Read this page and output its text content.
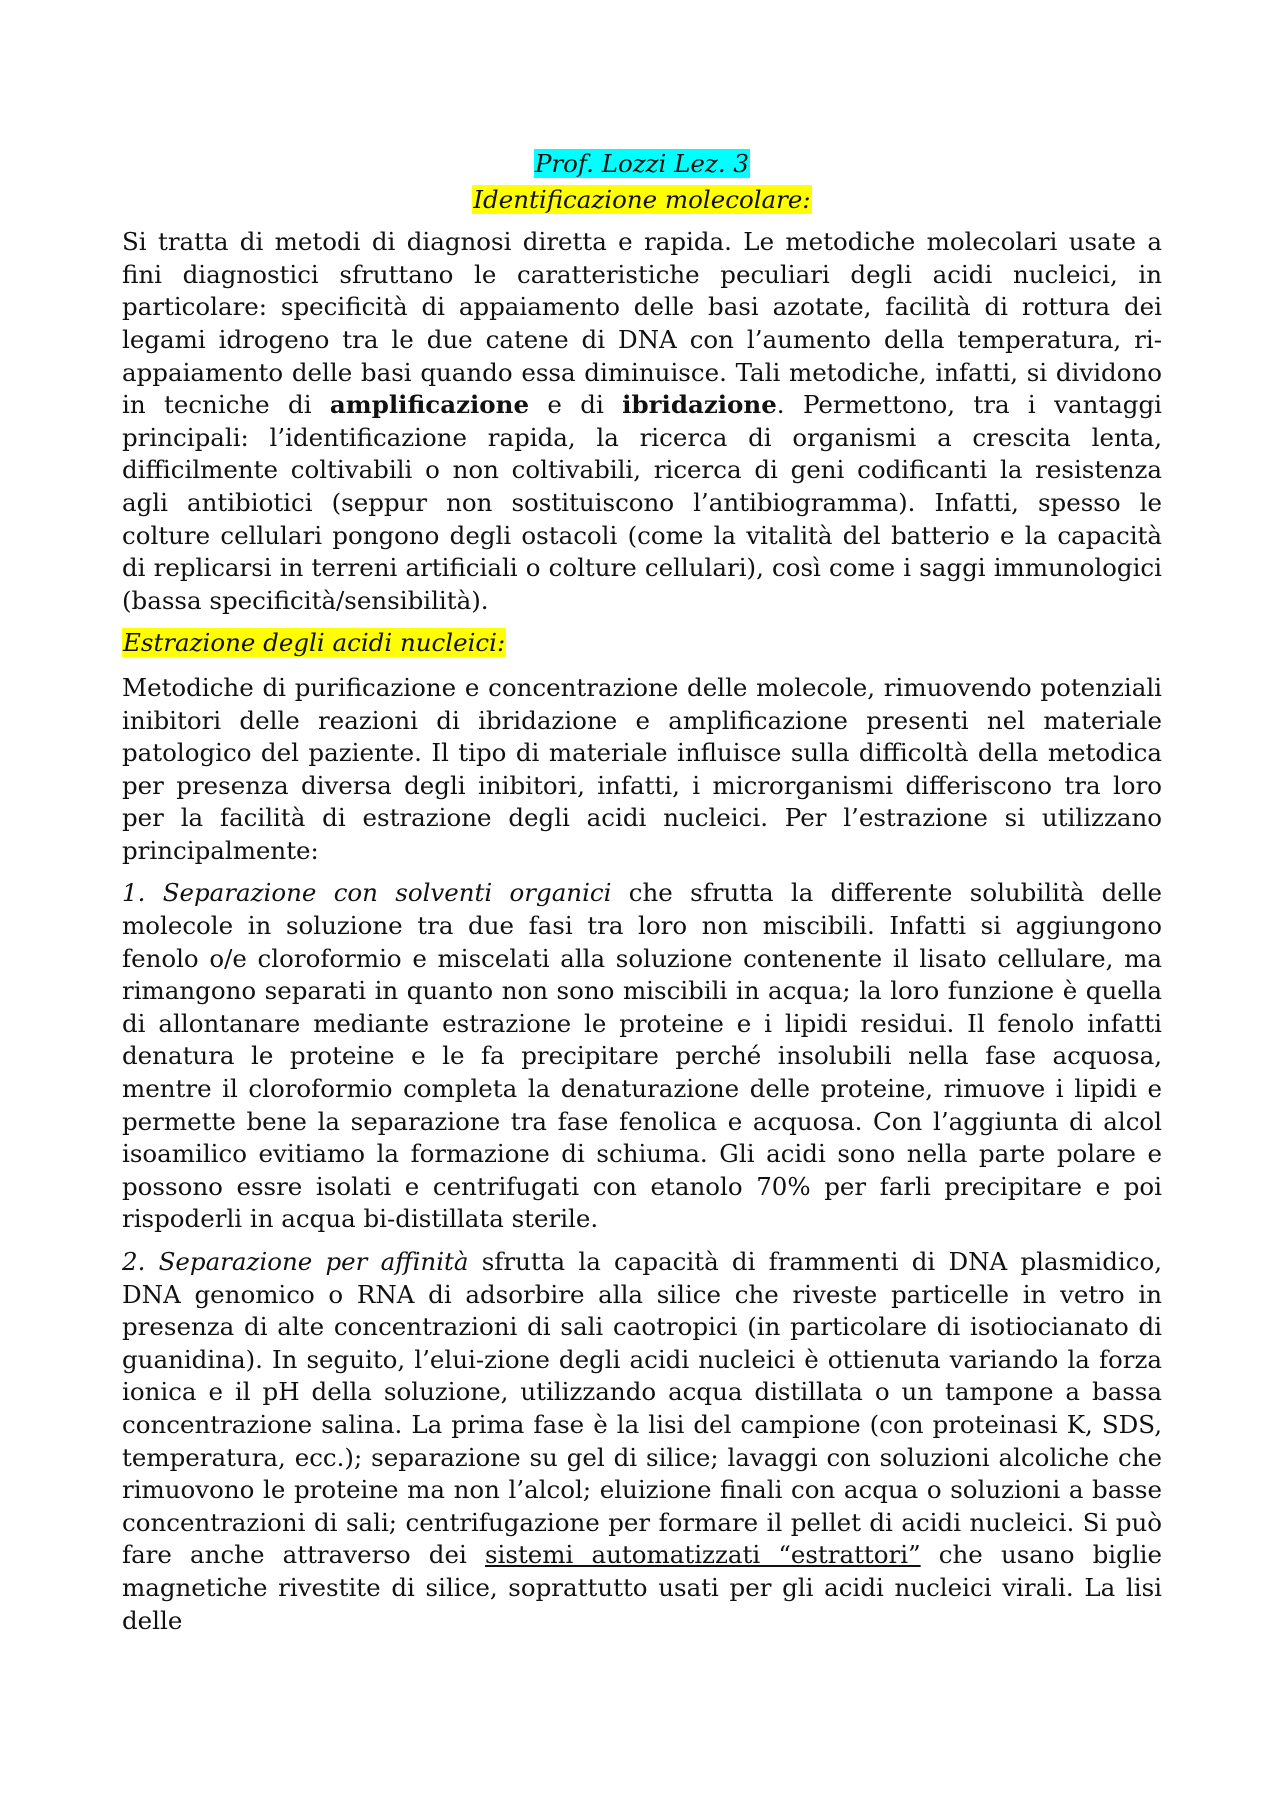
Prof. Lozzi Lez. 3

Identificazione molecolare:

Si tratta di metodi di diagnosi diretta e rapida. Le metodiche molecolari usate a fini diagnostici sfruttano le caratteristiche peculiari degli acidi nucleici, in particolare: specificità di appaiamento delle basi azotate, facilità di rottura dei legami idrogeno tra le due catene di DNA con l’aumento della temperatura, ri-appaiamento delle basi quando essa diminuisce. Tali metodiche, infatti, si dividono in tecniche di amplificazione e di ibridazione. Permettono, tra i vantaggi principali: l’identificazione rapida, la ricerca di organismi a crescita lenta, difficilmente coltivabili o non coltivabili, ricerca di geni codificanti la resistenza agli antibiotici (seppur non sostituiscono l’antibiogramma). Infatti, spesso le colture cellulari pongono degli ostacoli (come la vitalità del batterio e la capacità di replicarsi in terreni artificiali o colture cellulari), così come i saggi immunologici (bassa specificità/sensibilità).

Estrazione degli acidi nucleici:

Metodiche di purificazione e concentrazione delle molecole, rimuovendo potenziali inibitori delle reazioni di ibridazione e amplificazione presenti nel materiale patologico del paziente. Il tipo di materiale influisce sulla difficoltà della metodica per presenza diversa degli inibitori, infatti, i microrganismi differiscono tra loro per la facilità di estrazione degli acidi nucleici. Per l’estrazione si utilizzano principalmente:

1. Separazione con solventi organici che sfrutta la differente solubilità delle molecole in soluzione tra due fasi tra loro non miscibili. Infatti si aggiungono fenolo o/e cloroformio e miscelati alla soluzione contenente il lisato cellulare, ma rimangono separati in quanto non sono miscibili in acqua; la loro funzione è quella di allontanare mediante estrazione le proteine e i lipidi residui. Il fenolo infatti denatura le proteine e le fa precipitare perché insolubili nella fase acquosa, mentre il cloroformio completa la denaturazione delle proteine, rimuove i lipidi e permette bene la separazione tra fase fenolica e acquosa. Con l’aggiunta di alcol isoamilico evitiamo la formazione di schiuma. Gli acidi sono nella parte polare e possono essre isolati e centrifugati con etanolo 70% per farli precipitare e poi rispoderli in acqua bi-distillata sterile.

2. Separazione per affinità sfrutta la capacità di frammenti di DNA plasmidico, DNA genomico o RNA di adsorbire alla silice che riveste particelle in vetro in presenza di alte concentrazioni di sali caotropici (in particolare di isotiocianato di guanidina). In seguito, l’elui-zione degli acidi nucleici è ottienuta variando la forza ionica e il pH della soluzione, utilizzando acqua distillata o un tampone a bassa concentrazione salina. La prima fase è la lisi del campione (con proteinasi K, SDS, temperatura, ecc.); separazione su gel di silice; lavaggi con soluzioni alcoliche che rimuovono le proteine ma non l’alcol; eluizione finali con acqua o soluzioni a basse concentrazioni di sali; centrifugazione per formare il pellet di acidi nucleici. Si può fare anche attraverso dei sistemi automatizzati “estrattori” che usano biglie magnetiche rivestite di silice, soprattutto usati per gli acidi nucleici virali. La lisi delle
